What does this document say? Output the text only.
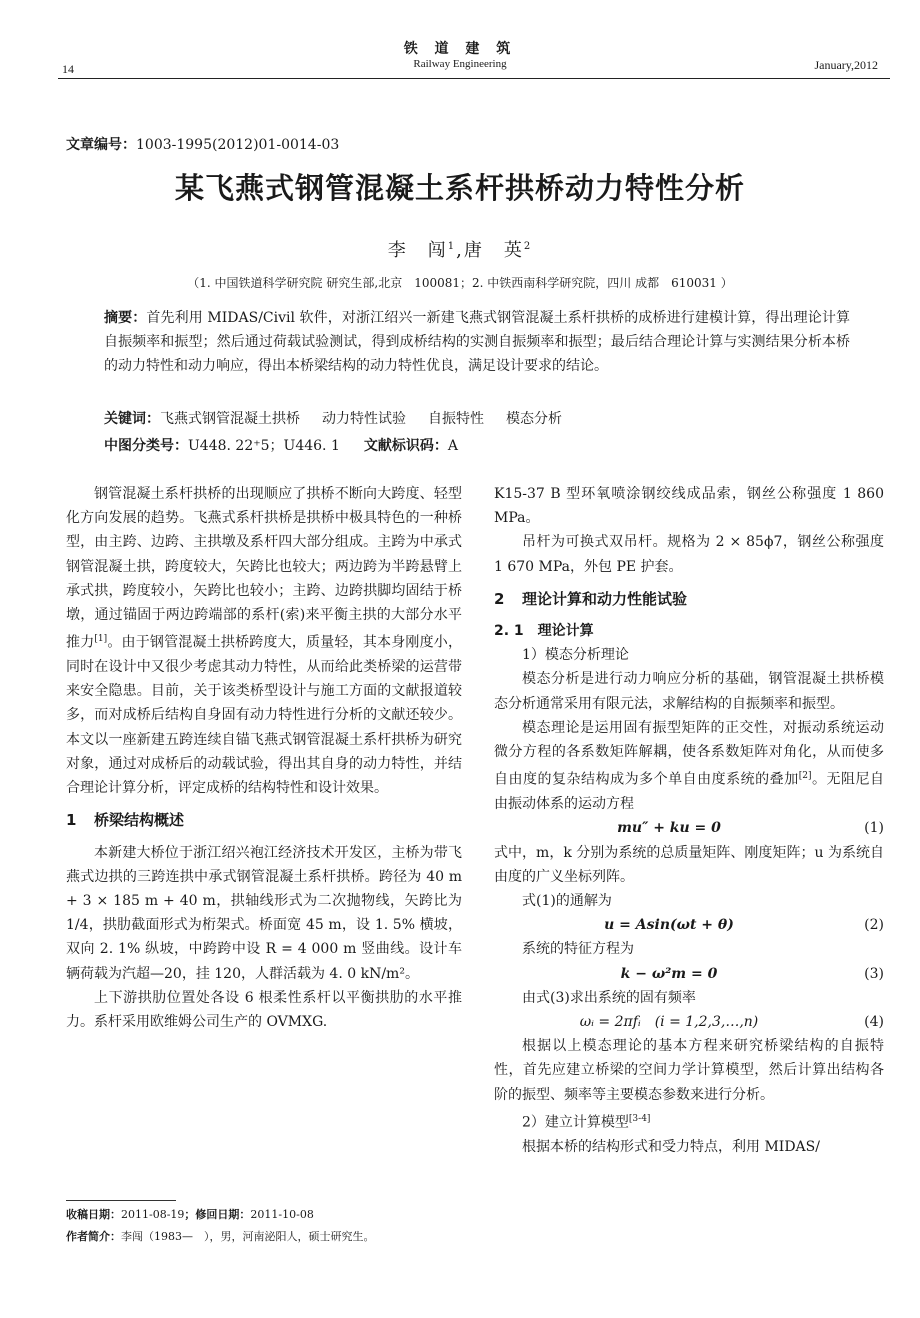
铁 道 建 筑
Railway Engineering
14	January,2012
文章编号：1003-1995(2012)01-0014-03
某飞燕式钢管混凝土系杆拱桥动力特性分析
李　闯$^1$,唐　英$^2$
（1. 中国铁道科学研究院 研究生部,北京　100081；2. 中铁西南科学研究院，四川 成都　610031 ）
摘要：首先利用 MIDAS/Civil 软件，对浙江绍兴一新建飞燕式钢管混凝土系杆拱桥的成桥进行建模计算，得出理论计算自振频率和振型；然后通过荷载试验测试，得到成桥结构的实测自振频率和振型；最后结合理论计算与实测结果分析本桥的动力特性和动力响应，得出本桥梁结构的动力特性优良，满足设计要求的结论。
关键词：飞燕式钢管混凝土拱桥 动力特性试验 自振特性 模态分析
中图分类号：U448. 22⁺5；U446. 1 文献标识码：A

钢管混凝土系杆拱桥的出现顺应了拱桥不断向大跨度、轻型化方向发展的趋势。飞燕式系杆拱桥是拱桥中极具特色的一种桥型，由主跨、边跨、主拱墩及系杆四大部分组成。主跨为中承式钢管混凝土拱，跨度较大，矢跨比也较大；两边跨为半跨悬臂上承式拱，跨度较小，矢跨比也较小；主跨、边跨拱脚均固结于桥墩，通过锚固于两边跨端部的系杆(索)来平衡主拱的大部分水平推力[1]。由于钢管混凝土拱桥跨度大，质量轻，其本身刚度小，同时在设计中又很少考虑其动力特性，从而给此类桥梁的运营带来安全隐患。目前，关于该类桥型设计与施工方面的文献报道较多，而对成桥后结构自身固有动力特性进行分析的文献还较少。本文以一座新建五跨连续自锚飞燕式钢管混凝土系杆拱桥为研究对象，通过对成桥后的动载试验，得出其自身的动力特性，并结合理论计算分析，评定成桥的结构特性和设计效果。

1 桥梁结构概述

本新建大桥位于浙江绍兴袍江经济技术开发区，主桥为带飞燕式边拱的三跨连拱中承式钢管混凝土系杆拱桥。跨径为 40 m + 3 × 185 m + 40 m，拱轴线形式为二次抛物线，矢跨比为 1/4，拱肋截面形式为桁架式。桥面宽 45 m，设 1. 5% 横坡，双向 2. 1% 纵坡，中跨跨中设 R = 4 000 m 竖曲线。设计车辆荷载为汽超—20，挂 120，人群活载为 4. 0 kN/m²。

上下游拱肋位置处各设 6 根柔性系杆以平衡拱肋的水平推力。系杆采用欧维姆公司生产的 OVMXG.

K15-37 B 型环氧喷涂钢绞线成品索，钢丝公称强度 1 860 MPa。

吊杆为可换式双吊杆。规格为 2 × 85ϕ7，钢丝公称强度 1 670 MPa，外包 PE 护套。

2 理论计算和动力性能试验

2. 1　理论计算

1）模态分析理论

模态分析是进行动力响应分析的基础，钢管混凝土拱桥模态分析通常采用有限元法，求解结构的自振频率和振型。

模态理论是运用固有振型矩阵的正交性，对振动系统运动微分方程的各系数矩阵解耦，使各系数矩阵对角化，从而使多自由度的复杂结构成为多个单自由度系统的叠加[2]。无阻尼自由振动体系的运动方程

mu″ + ku = 0	(1)

式中，m，k 分别为系统的总质量矩阵、刚度矩阵；u 为系统自由度的广义坐标列阵。

式(1)的通解为

u = Asin(ωt + θ)	(2)

系统的特征方程为

k − ω²m = 0	(3)

由式(3)求出系统的固有频率

ωᵢ = 2πfᵢ　(i = 1,2,3,…,n)	(4)

根据以上模态理论的基本方程来研究桥梁结构的自振特性，首先应建立桥梁的空间力学计算模型，然后计算出结构各阶的振型、频率等主要模态参数来进行分析。

2）建立计算模型[3-4]

根据本桥的结构形式和受力特点，利用 MIDAS/

收稿日期：2011-08-19；修回日期：2011-10-08
作者简介：李闯（1983—　），男，河南泌阳人，硕士研究生。
